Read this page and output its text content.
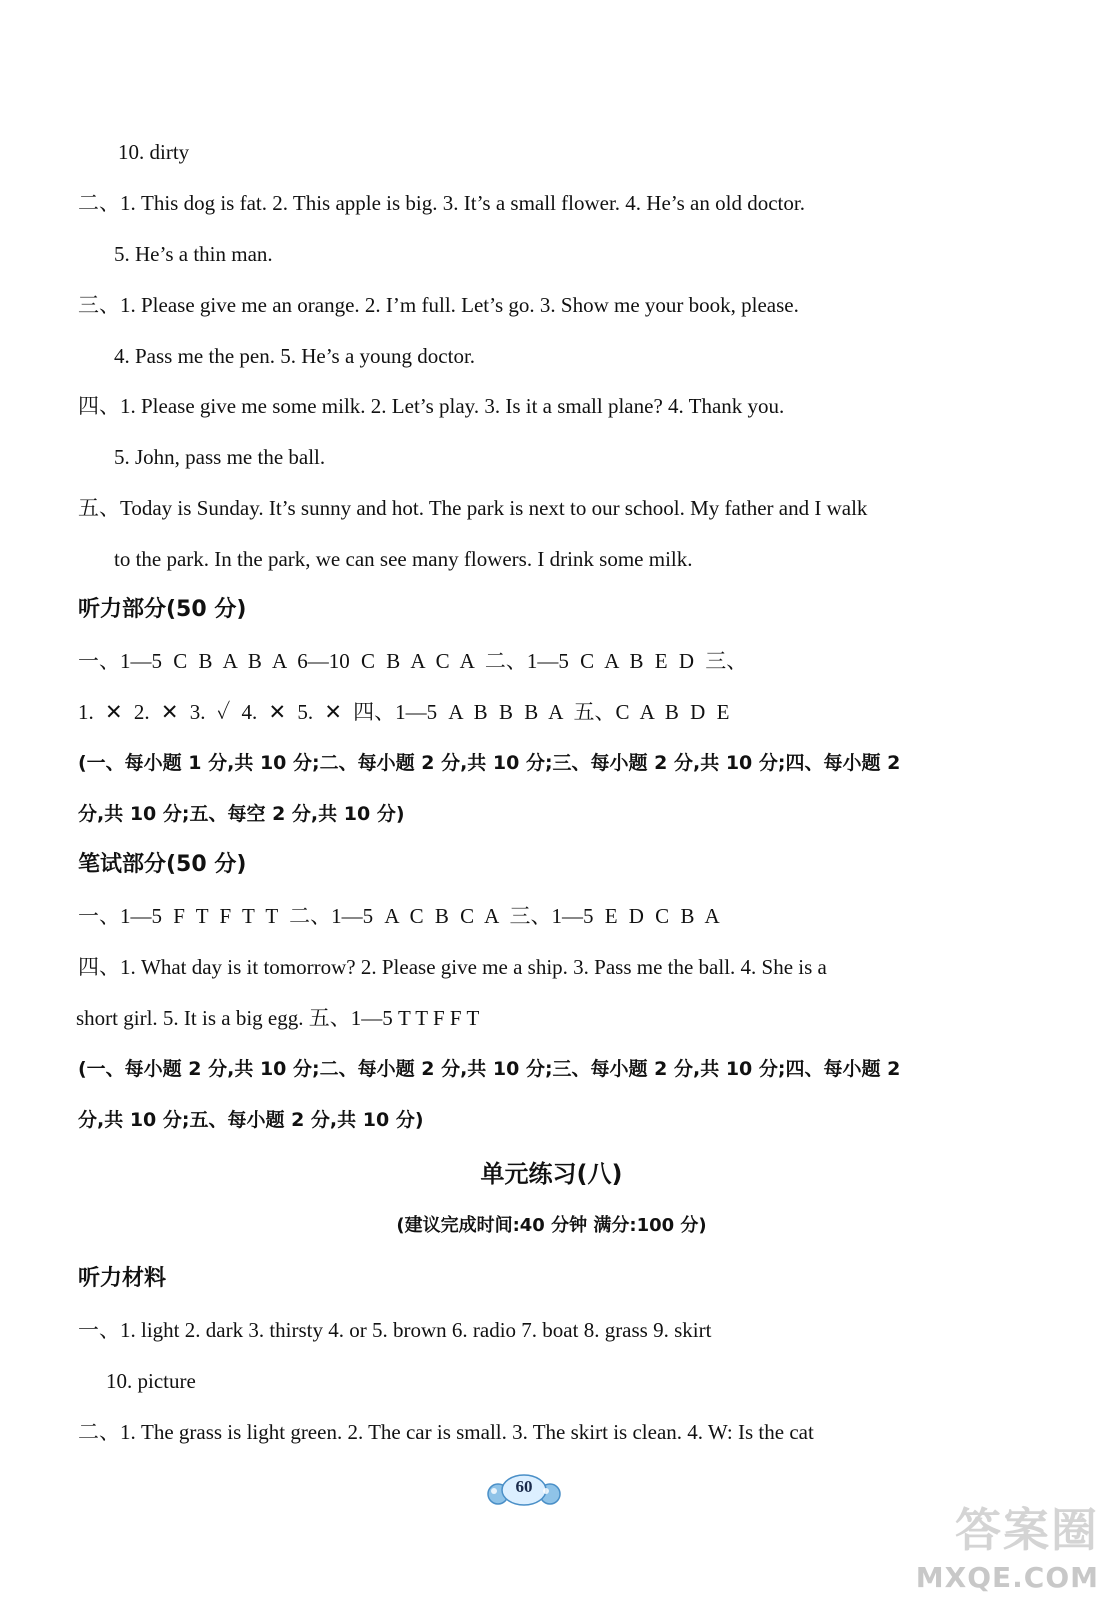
10. dirty

二、1. This dog is fat. 2. This apple is big. 3. It’s a small flower. 4. He’s an old doctor.

5. He’s a thin man.

三、1. Please give me an orange. 2. I’m full. Let’s go. 3. Show me your book, please.

4. Pass me the pen. 5. He’s a young doctor.

四、1. Please give me some milk. 2. Let’s play. 3. Is it a small plane? 4. Thank you.

5. John, pass me the ball.

五、Today is Sunday. It’s sunny and hot. The park is next to our school. My father and I walk

to the park. In the park, we can see many flowers. I drink some milk.

听力部分(50 分)

一、1—5 C B A B A 6—10 C B A C A 二、1—5 C A B E D 三、

1. ✕ 2. ✕ 3. ✓ 4. ✕ 5. ✕ 四、1—5 A B B B A 五、C A B D E

(一、每小题 1 分,共 10 分;二、每小题 2 分,共 10 分;三、每小题 2 分,共 10 分;四、每小题 2

分,共 10 分;五、每空 2 分,共 10 分)

笔试部分(50 分)

一、1—5 F T F T T 二、1—5 A C B C A 三、1—5 E D C B A

四、1. What day is it tomorrow? 2. Please give me a ship. 3. Pass me the ball. 4. She is a

short girl. 5. It is a big egg. 五、1—5 T T F F T

(一、每小题 2 分,共 10 分;二、每小题 2 分,共 10 分;三、每小题 2 分,共 10 分;四、每小题 2

分,共 10 分;五、每小题 2 分,共 10 分)

单元练习(八)

(建议完成时间:40 分钟 满分:100 分)

听力材料

一、1. light 2. dark 3. thirsty 4. or 5. brown 6. radio 7. boat 8. grass 9. skirt

10. picture

二、1. The grass is light green. 2. The car is small. 3. The skirt is clean. 4. W: Is the cat

60
答案圈
MXQE.COM
